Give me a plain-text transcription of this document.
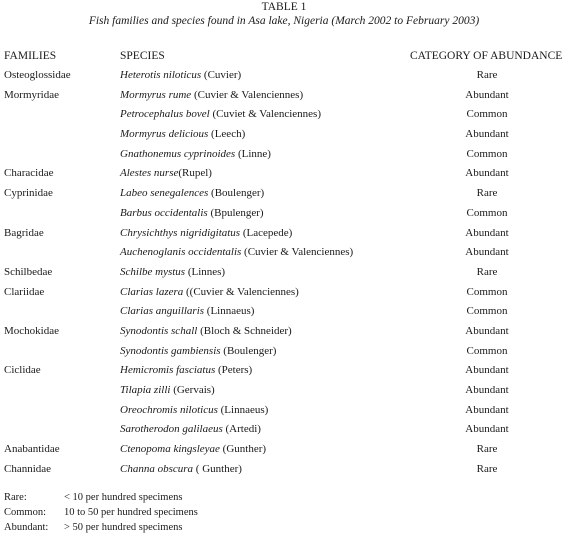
TABLE 1
Fish families and species found in Asa lake, Nigeria (March 2002 to February 2003)
FAMILIES	SPECIES	CATEGORY OF ABUNDANCE
Osteoglossidae	Heterotis niloticus (Cuvier)	Rare
Mormyridae	Mormyrus rume (Cuvier & Valenciennes)	Abundant
Petrocephalus bovel (Cuviet & Valenciennes)	Common
Mormyrus delicious (Leech)	Abundant
Gnathonemus cyprinoides (Linne)	Common
Characidae	Alestes nurse(Rupel)	Abundant
Cyprinidae	Labeo senegalences (Boulenger)	Rare
Barbus occidentalis (Bpulenger)	Common
Bagridae	Chrysichthys nigridigitatus (Lacepede)	Abundant
Auchenoglanis occidentalis (Cuvier & Valenciennes)	Abundant
Schilbedae	Schilbe mystus (Linnes)	Rare
Clariidae	Clarias lazera ((Cuvier & Valenciennes)	Common
Clarias anguillaris (Linnaeus)	Common
Mochokidae	Synodontis schall (Bloch & Schneider)	Abundant
Synodontis gambiensis (Boulenger)	Common
Ciclidae	Hemicromis fasciatus (Peters)	Abundant
Tilapia zilli (Gervais)	Abundant
Oreochromis niloticus (Linnaeus)	Abundant
Sarotherodon galilaeus (Artedi)	Abundant
Anabantidae	Ctenopoma kingsleyae (Gunther)	Rare
Channidae	Channa obscura ( Gunther)	Rare
Rare:	< 10 per hundred specimens
Common: 10 to 50 per hundred specimens
Abundant: > 50 per hundred specimens
